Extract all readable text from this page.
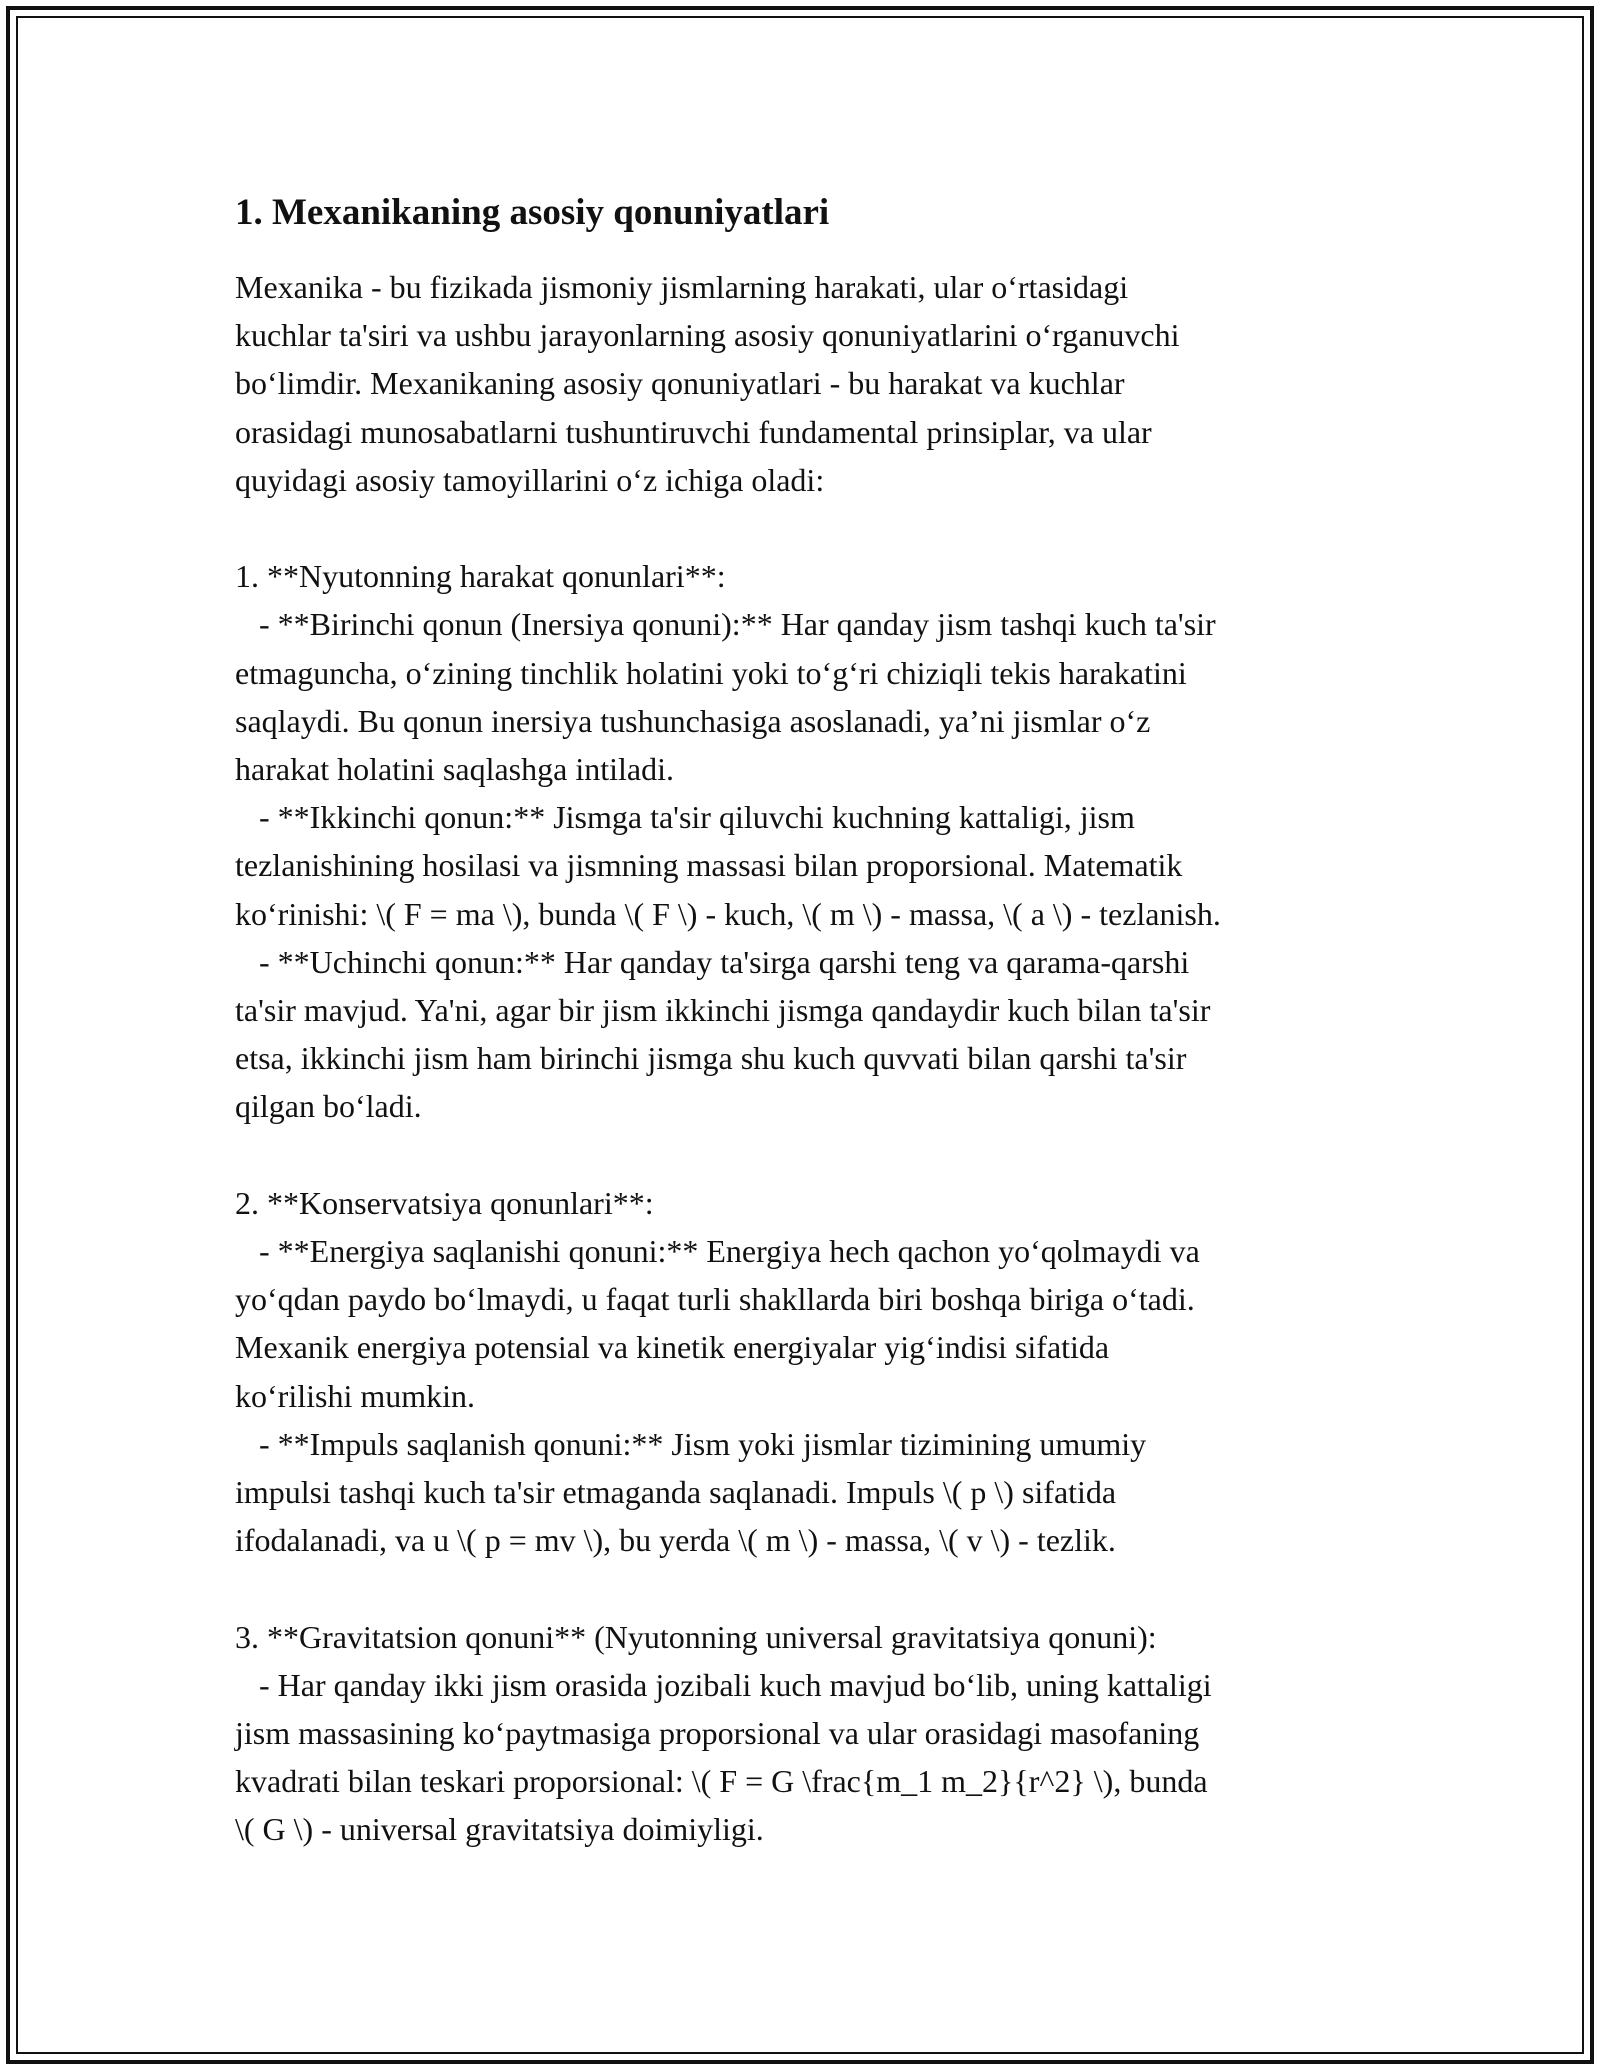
1. Mexanikaning asosiy qonuniyatlari
Mexanika - bu fizikada jismoniy jismlarning harakati, ular o‘rtasidagi
kuchlar ta'siri va ushbu jarayonlarning asosiy qonuniyatlarini o‘rganuvchi
bo‘limdir. Mexanikaning asosiy qonuniyatlari - bu harakat va kuchlar
orasidagi munosabatlarni tushuntiruvchi fundamental prinsiplar, va ular
quyidagi asosiy tamoyillarini o‘z ichiga oladi:
1. **Nyutonning harakat qonunlari**:
- **Birinchi qonun (Inersiya qonuni):** Har qanday jism tashqi kuch ta'sir
etmaguncha, o‘zining tinchlik holatini yoki to‘g‘ri chiziqli tekis harakatini
saqlaydi. Bu qonun inersiya tushunchasiga asoslanadi, ya’ni jismlar o‘z
harakat holatini saqlashga intiladi.
- **Ikkinchi qonun:** Jismga ta'sir qiluvchi kuchning kattaligi, jism
tezlanishining hosilasi va jismning massasi bilan proporsional. Matematik
ko‘rinishi: \( F = ma \), bunda \( F \) - kuch, \( m \) - massa, \( a \) - tezlanish.
- **Uchinchi qonun:** Har qanday ta'sirga qarshi teng va qarama-qarshi
ta'sir mavjud. Ya'ni, agar bir jism ikkinchi jismga qandaydir kuch bilan ta'sir
etsa, ikkinchi jism ham birinchi jismga shu kuch quvvati bilan qarshi ta'sir
qilgan bo‘ladi.
2. **Konservatsiya qonunlari**:
- **Energiya saqlanishi qonuni:** Energiya hech qachon yo‘qolmaydi va
yo‘qdan paydo bo‘lmaydi, u faqat turli shakllarda biri boshqa biriga o‘tadi.
Mexanik energiya potensial va kinetik energiyalar yig‘indisi sifatida
ko‘rilishi mumkin.
- **Impuls saqlanish qonuni:** Jism yoki jismlar tizimining umumiy
impulsi tashqi kuch ta'sir etmaganda saqlanadi. Impuls \( p \) sifatida
ifodalanadi, va u \( p = mv \), bu yerda \( m \) - massa, \( v \) - tezlik.
3. **Gravitatsion qonuni** (Nyutonning universal gravitatsiya qonuni):
- Har qanday ikki jism orasida jozibali kuch mavjud bo‘lib, uning kattaligi
jism massasining ko‘paytmasiga proporsional va ular orasidagi masofaning
kvadrati bilan teskari proporsional: \( F = G \frac{m_1 m_2}{r^2} \), bunda
\( G \) - universal gravitatsiya doimiyligi.
